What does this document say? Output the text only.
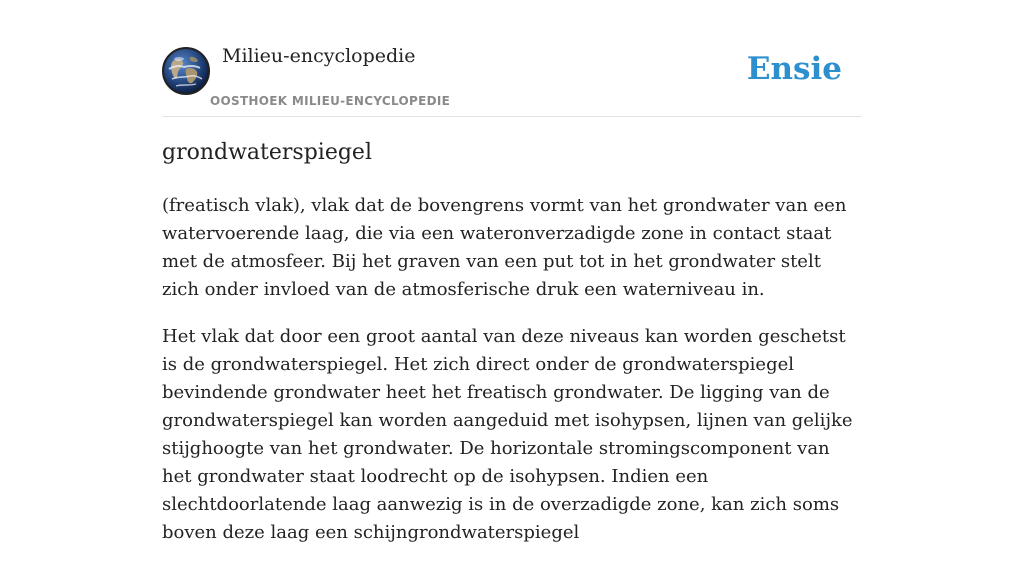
Milieu-encyclopedie
OOSTHOEK MILIEU-ENCYCLOPEDIE
Ensie
grondwaterspiegel

(freatisch vlak), vlak dat de bovengrens vormt van het grondwater van een watervoerende laag, die via een wateronverzadigde zone in contact staat met de atmosfeer. Bij het graven van een put tot in het grondwater stelt zich onder invloed van de atmosferische druk een waterniveau in.

Het vlak dat door een groot aantal van deze niveaus kan worden geschetst is de grondwaterspiegel. Het zich direct onder de grondwaterspiegel bevindende grondwater heet het freatisch grondwater. De ligging van de grondwaterspiegel kan worden aangeduid met isohypsen, lijnen van gelijke stijghoogte van het grondwater. De horizontale stromingscomponent van het grondwater staat loodrecht op de isohypsen. Indien een slechtdoorlatende laag aanwezig is in de overzadigde zone, kan zich soms boven deze laag een schijngrondwaterspiegel
